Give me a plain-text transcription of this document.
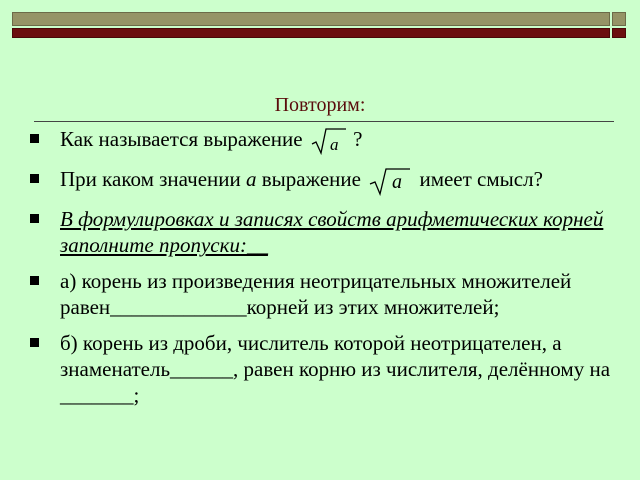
Повторим:
Как называется выражение a ?
При каком значении а выражение a имеет смысл?
В формулировках и записях свойств арифметических корней заполните пропуски:__
а) корень из произведения неотрицательных множителей равен_____________корней из этих множителей;
б) корень из дроби, числитель которой неотрицателен, а знаменатель______, равен корню из числителя, делённому на _______;
